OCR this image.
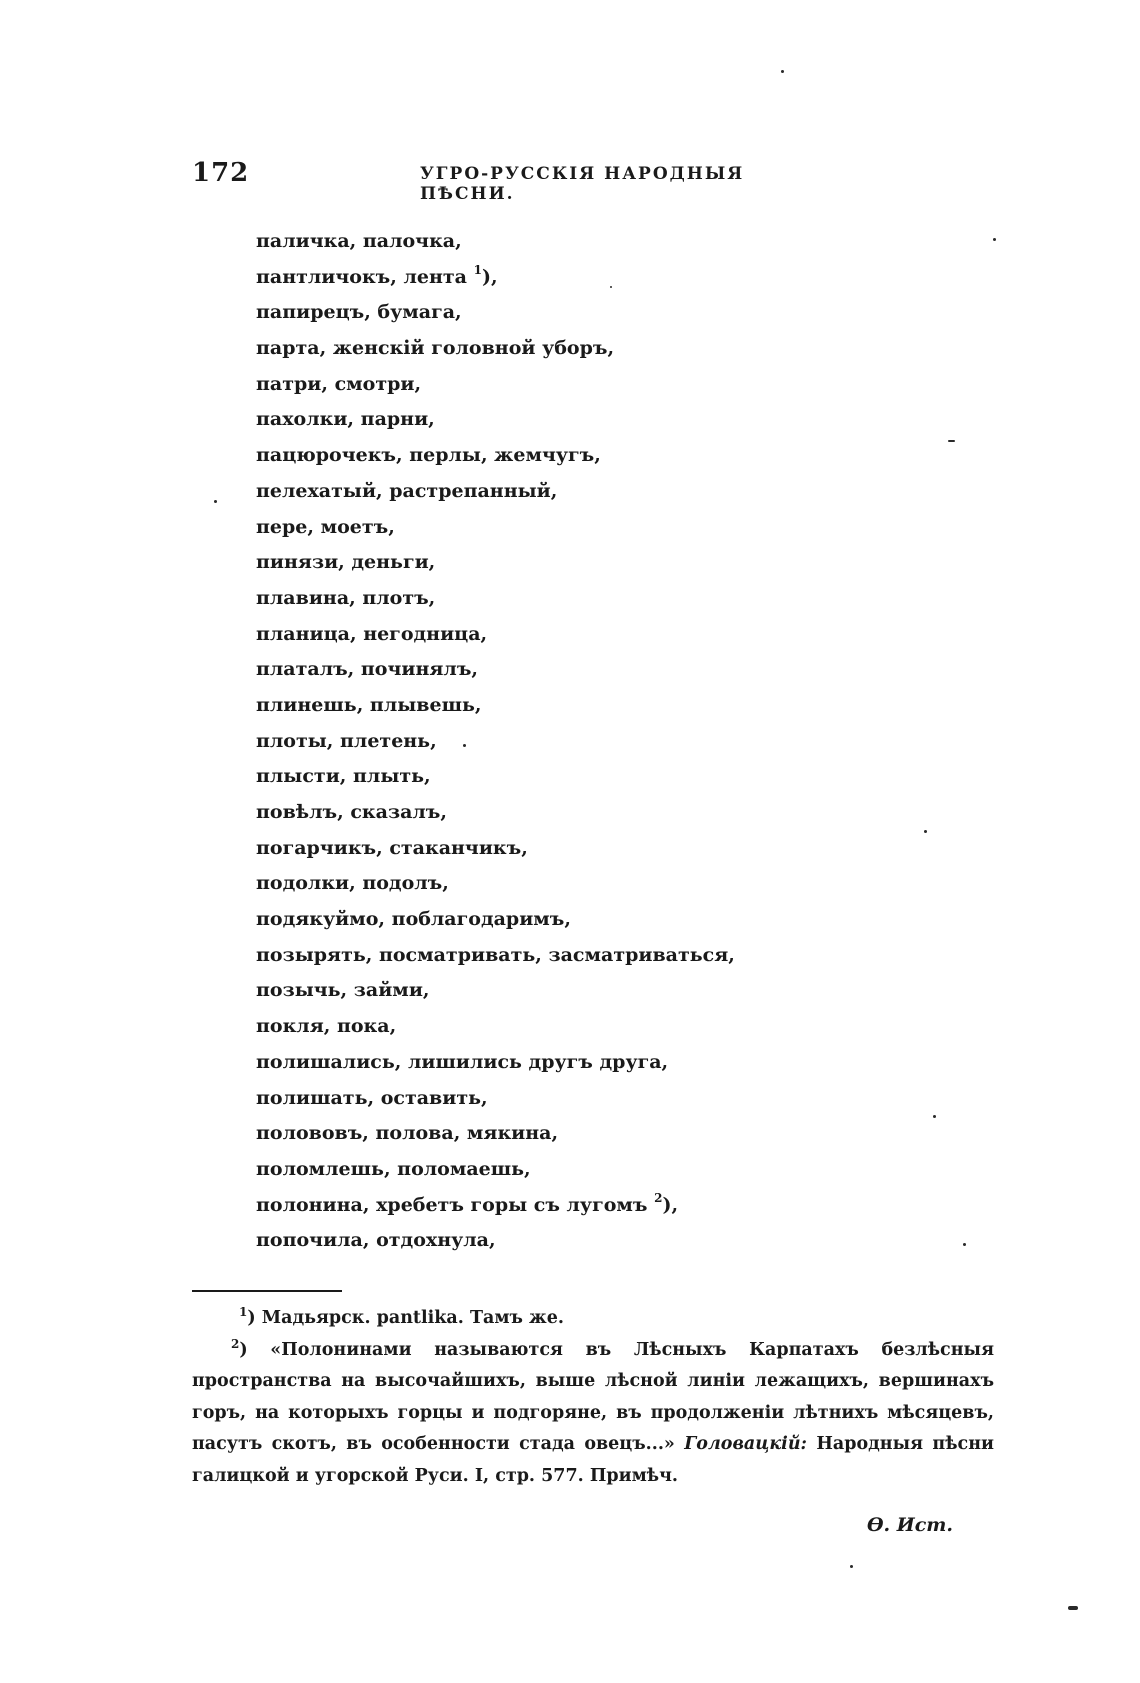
172	УГРО-РУССКІЯ НАРОДНЫЯ ПѢСНИ.
паличка, палочка,
пантличокъ, лента $^1$),
папирецъ, бумага,
парта, женскій головной уборъ,
патри, смотри,
пахолки, парни,
пацюрочекъ, перлы, жемчугъ,
пелехатый, растрепанный,
пере, моетъ,
пинязи, деньги,
плавина, плотъ,
планица, негодница,
платалъ, починялъ,
плинешь, плывешь,
плоты, плетень,
плысти, плыть,
повѣлъ, сказалъ,
погарчикъ, стаканчикъ,
подолки, подолъ,
подякуймо, поблагодаримъ,
позырять, посматривать, засматриваться,
позычь, займи,
покля, пока,
полишались, лишились другъ друга,
полишать, оставить,
полововъ, полова, мякина,
поломлешь, поломаешь,
полонина, хребетъ горы съ лугомъ $^2$),
попочила, отдохнула,

$^1$) Мадьярск. pantlika. Тамъ же.

$^2$) «Полонинами называются въ Лѣсныхъ Карпатахъ безлѣсныя пространства на высочайшихъ, выше лѣсной линіи лежащихъ, вершинахъ горъ, на которыхъ горцы и подгоряне, въ продолженіи лѣтнихъ мѣсяцевъ, пасутъ скотъ, въ особенности стада овецъ...» Головацкій: Народныя пѣсни галицкой и угорской Руси. I, стр. 577. Примѣч.

Ѳ. Ист.
